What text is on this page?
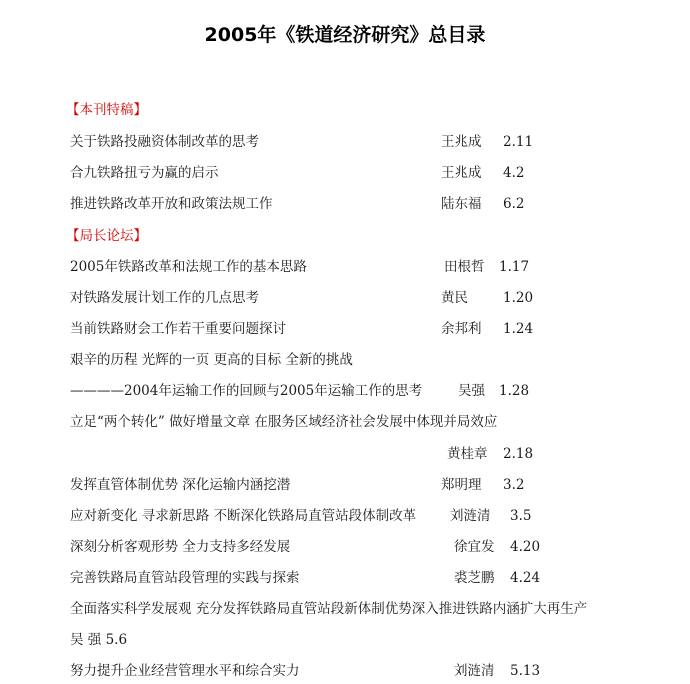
2005年《铁道经济研究》总目录
【本刊特稿】
关于铁路投融资体制改革的思考	王兆成 2.11
合九铁路扭亏为赢的启示	王兆成 4.2
推进铁路改革开放和政策法规工作	陆东福 6.2
【局长论坛】
2005年铁路改革和法规工作的基本思路	田根哲 1.17
对铁路发展计划工作的几点思考	黄民	1.20
当前铁路财会工作若干重要问题探讨	余邦利 1.24
艰辛的历程 光辉的一页 更高的目标 全新的挑战
————2004年运输工作的回顾与2005年运输工作的思考	吴强 1.28
立足“两个转化” 做好增量文章 在服务区域经济社会发展中体现并局效应
黄桂章 2.18
发挥直管体制优势 深化运输内涵挖潜	郑明理 3.2
应对新变化 寻求新思路 不断深化铁路局直管站段体制改革	刘涟清 3.5
深刻分析客观形势 全力支持多经发展	徐宜发 4.20
完善铁路局直管站段管理的实践与探索	裘芝鹏 4.24
全面落实科学发展观 充分发挥铁路局直管站段新体制优势深入推进铁路内涵扩大再生产
吴 强 5.6
努力提升企业经营管理水平和综合实力	刘涟清 5.13
